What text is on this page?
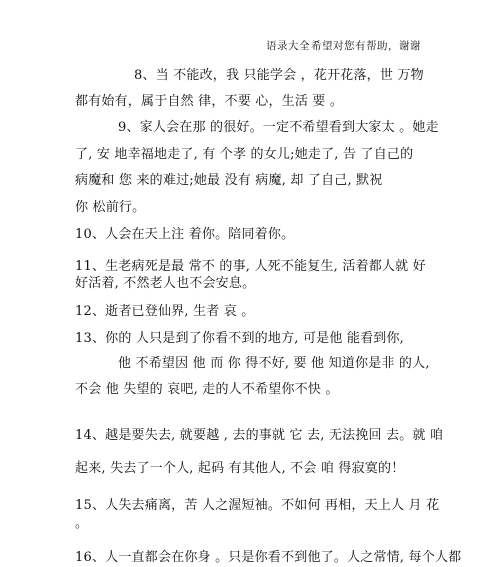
语录大全 希望对您有帮助，谢谢
8、当 不能改，我 只能学会 ，花开花落，世 万物
都有始有，属于自然 律，不要 心，生活 要 。
9、家人会在那 的很好。一定不希望看到大家太 。她走
了, 安 地幸福地走了, 有 个孝 的女儿;她走了, 告 了自己的
病魔和 您 来的难过;她最 没有 病魔, 却 了自己, 默祝
你 松前行。
10、人会在天上注 着你。陪同着你。
11、生老病死是最 常不 的事, 人死不能复生, 活着都人就 好
好活着, 不然老人也不会安息。
12、逝者已登仙界, 生者 哀 。
13、你的 人只是到了你看不到的地方, 可是他 能看到你,
他 不希望因 他 而 你 得不好, 要 他 知道你是非 的人,
不会 他 失望的 哀吧, 走的人不希望你不快 。
14、越是要失去, 就要越 , 去的事就 它 去, 无法挽回 去。就 咱
起来, 失去了一个人, 起码 有其他人, 不会 咱 得寂寞的！
15、人失去痛离，苦 人之渥短袖。不如何 再相，天上人 月 花
。
16、人一直都会在你身 。只是你看不到他了。人之常情, 每个人都
